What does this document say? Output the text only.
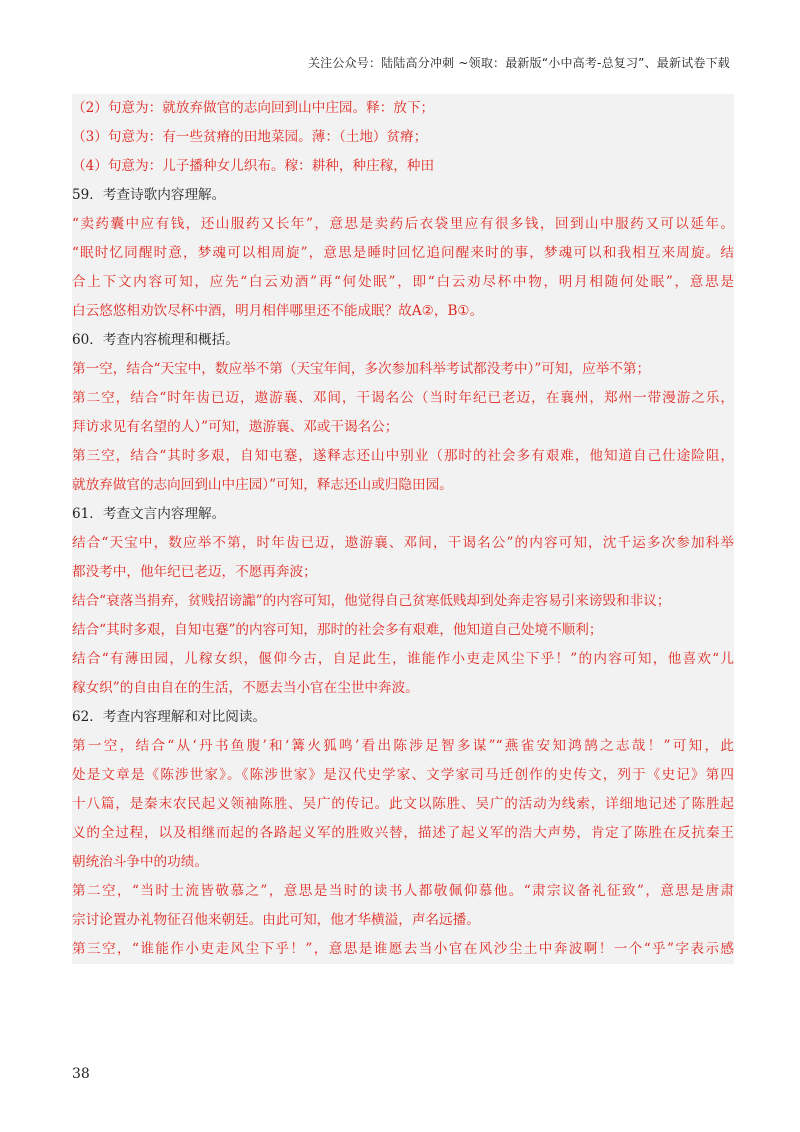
关注公众号：陆陆高分冲刺 ~领取：最新版“小中高考-总复习”、最新试卷下载
（2）句意为：就放弃做官的志向回到山中庄园。释：放下；
（3）句意为：有一些贫瘠的田地菜园。薄：（土地）贫瘠；
（4）句意为：儿子播种女儿织布。稼：耕种，种庄稼，种田
59．考查诗歌内容理解。
“卖药囊中应有钱，还山服药又长年”，意思是卖药后衣袋里应有很多钱，回到山中服药又可以延年。
“眠时忆同醒时意，梦魂可以相周旋”，意思是睡时回忆追问醒来时的事，梦魂可以和我相互来周旋。结
合上下文内容可知，应先“白云劝酒”再“何处眠”，即“白云劝尽杯中物，明月相随何处眠”，意思是
白云悠悠相劝饮尽杯中酒，明月相伴哪里还不能成眠？故A②，B①。
60．考查内容梳理和概括。
第一空，结合“天宝中，数应举不第（天宝年间，多次参加科举考试都没考中）”可知，应举不第；
第二空，结合“时年齿已迈，遨游襄、邓间，干谒名公（当时年纪已老迈，在襄州，郑州一带漫游之乐，
拜访求见有名望的人）”可知，遨游襄、邓或干谒名公；
第三空，结合“其时多艰，自知屯蹇，遂释志还山中别业（那时的社会多有艰难，他知道自己仕途险阻，
就放弃做官的志向回到山中庄园）”可知，释志还山或归隐田园。
61．考查文言内容理解。
结合“天宝中，数应举不第，时年齿已迈，遨游襄、邓间，干谒名公”的内容可知，沈千运多次参加科举
都没考中，他年纪已老迈，不愿再奔波；
结合“衰落当捐弃，贫贱招谤讟”的内容可知，他觉得自己贫寒低贱却到处奔走容易引来谤毁和非议；
结合“其时多艰，自知屯蹇”的内容可知，那时的社会多有艰难，他知道自己处境不顺利；
结合“有薄田园，儿稼女织，偃仰今古，自足此生，谁能作小吏走风尘下乎！”的内容可知，他喜欢“儿
稼女织”的自由自在的生活，不愿去当小官在尘世中奔波。
62．考查内容理解和对比阅读。
第一空，结合“从‘丹书鱼腹’和‘篝火狐鸣’看出陈涉足智多谋”“燕雀安知鸿鹄之志哉！”可知，此
处是文章是《陈涉世家》。《陈涉世家》是汉代史学家、文学家司马迁创作的史传文，列于《史记》第四
十八篇，是秦末农民起义领袖陈胜、吴广的传记。此文以陈胜、吴广的活动为线索，详细地记述了陈胜起
义的全过程，以及相继而起的各路起义军的胜败兴替，描述了起义军的浩大声势，肯定了陈胜在反抗秦王
朝统治斗争中的功绩。
第二空，“当时士流皆敬慕之”，意思是当时的读书人都敬佩仰慕他。“肃宗议备礼征致”，意思是唐肃
宗讨论置办礼物征召他来朝廷。由此可知，他才华横溢，声名远播。
第三空，“谁能作小吏走风尘下乎！”，意思是谁愿去当小官在风沙尘土中奔波啊！一个“乎”字表示感
38
